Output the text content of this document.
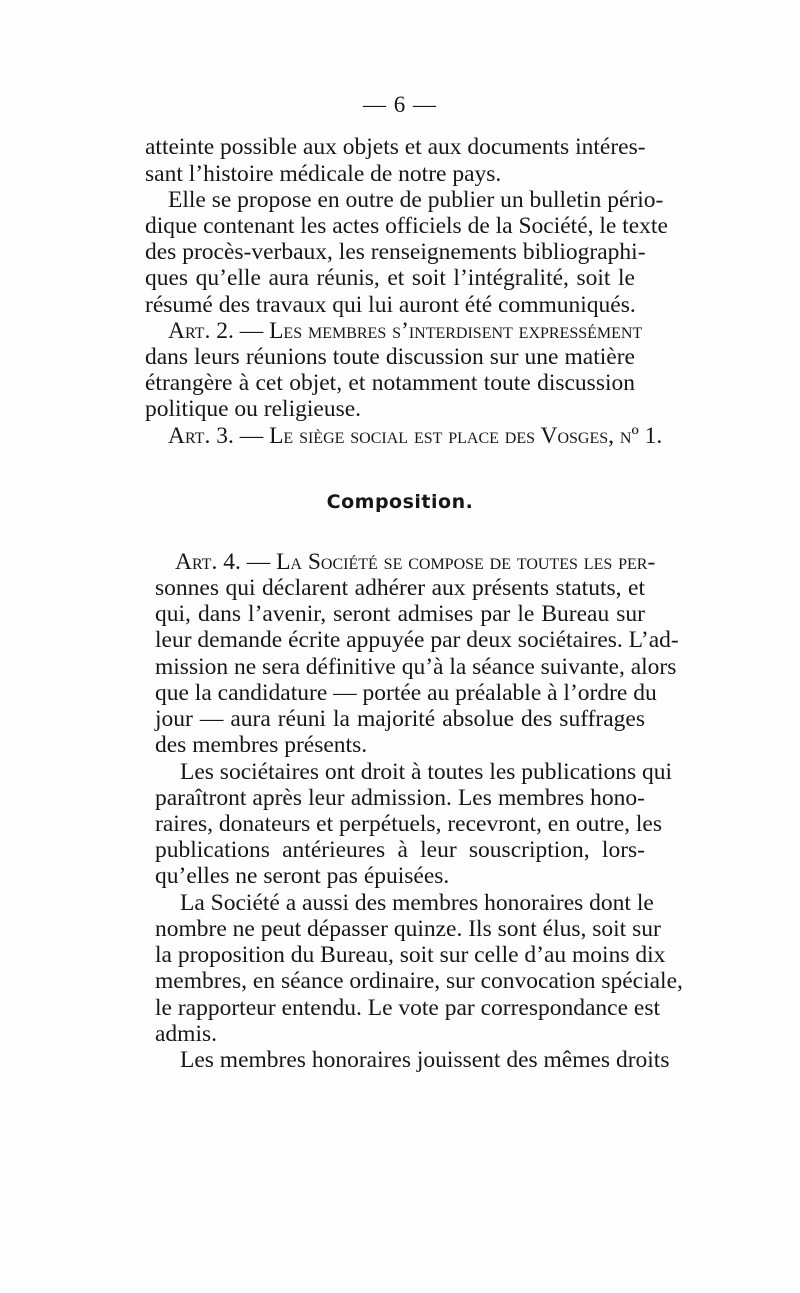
— 6 —
atteinte possible aux objets et aux documents intéres-
sant l’histoire médicale de notre pays.
Elle se propose en outre de publier un bulletin pério-
dique contenant les actes officiels de la Société, le texte
des procès-verbaux, les renseignements bibliographi-
ques qu’elle aura réunis, et soit l’intégralité, soit le
résumé des travaux qui lui auront été communiqués.
Art. 2. — Les membres s’interdisent expressément
dans leurs réunions toute discussion sur une matière
étrangère à cet objet, et notamment toute discussion
politique ou religieuse.
Art. 3. — Le siège social est place des Vosges, nº 1.
Composition.
Art. 4. — La Société se compose de toutes les per-
sonnes qui déclarent adhérer aux présents statuts, et
qui, dans l’avenir, seront admises par le Bureau sur
leur demande écrite appuyée par deux sociétaires. L’ad-
mission ne sera définitive qu’à la séance suivante, alors
que la candidature — portée au préalable à l’ordre du
jour — aura réuni la majorité absolue des suffrages
des membres présents.
Les sociétaires ont droit à toutes les publications qui
paraîtront après leur admission. Les membres hono-
raires, donateurs et perpétuels, recevront, en outre, les
publications antérieures à leur souscription, lors-
qu’elles ne seront pas épuisées.
La Société a aussi des membres honoraires dont le
nombre ne peut dépasser quinze. Ils sont élus, soit sur
la proposition du Bureau, soit sur celle d’au moins dix
membres, en séance ordinaire, sur convocation spéciale,
le rapporteur entendu. Le vote par correspondance est
admis.
Les membres honoraires jouissent des mêmes droits
